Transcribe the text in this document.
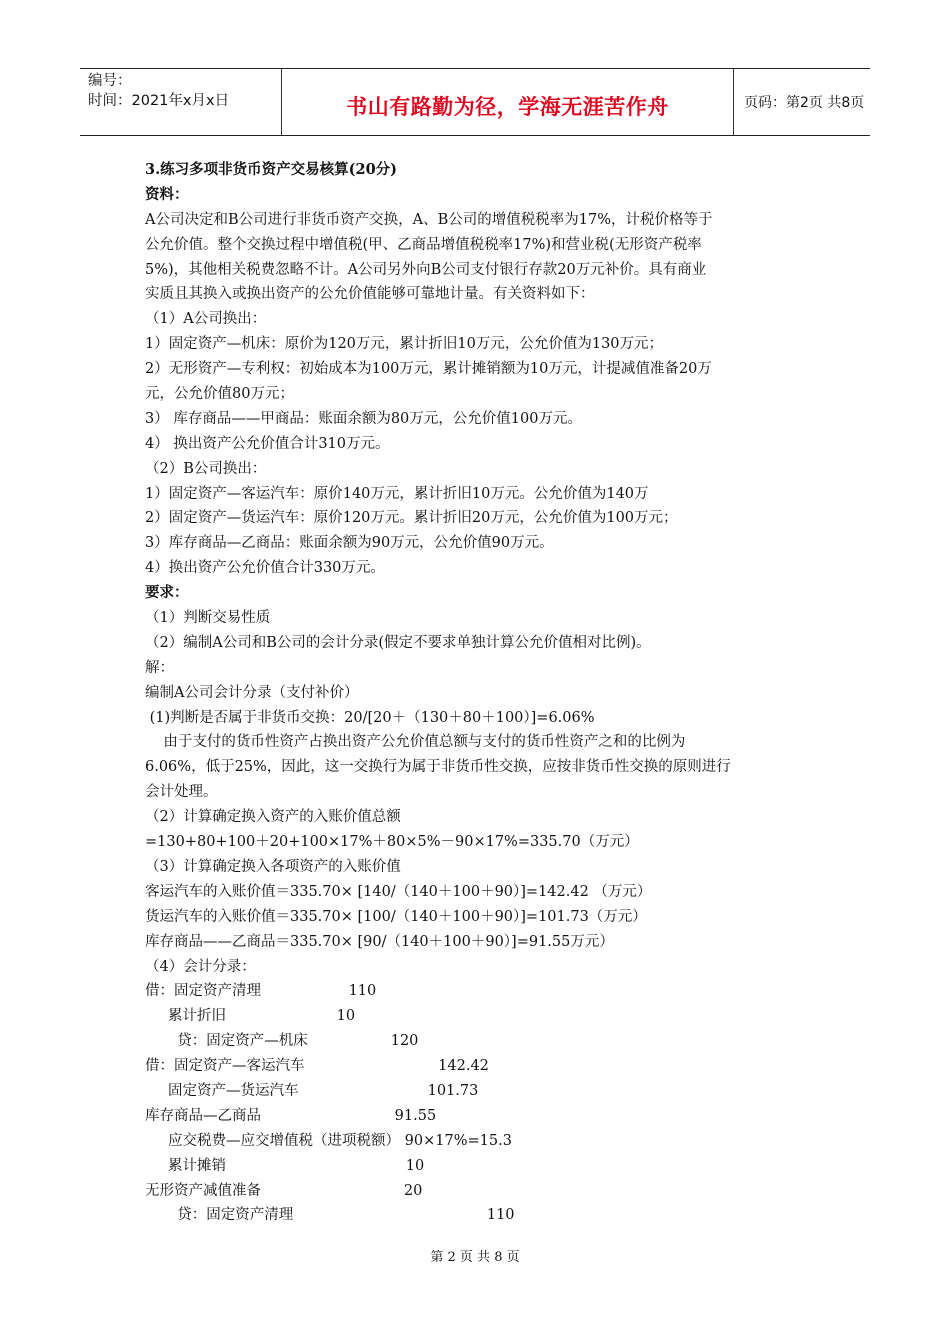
编号：
时间：2021年x月x日	书山有路勤为径，学海无涯苦作舟	页码：第2页 共8页
3.练习多项非货币资产交易核算(20分)
资料：
A公司决定和B公司进行非货币资产交换，A、B公司的增值税税率为17%，计税价格等于
公允价值。整个交换过程中增值税(甲、乙商品增值税税率17%)和营业税(无形资产税率
5%)，其他相关税费忽略不计。A公司另外向B公司支付银行存款20万元补价。具有商业
实质且其换入或换出资产的公允价值能够可靠地计量。有关资料如下：
（1）A公司换出：
1）固定资产—机床：原价为120万元，累计折旧10万元，公允价值为130万元；
2）无形资产—专利权：初始成本为100万元，累计摊销额为10万元，计提减值准备20万
元，公允价值80万元；
3） 库存商品——甲商品：账面余额为80万元，公允价值100万元。
4） 换出资产公允价值合计310万元。
（2）B公司换出：
1）固定资产—客运汽车：原价140万元，累计折旧10万元。公允价值为140万
2）固定资产—货运汽车：原价120万元。累计折旧20万元，公允价值为100万元；
3）库存商品—乙商品：账面余额为90万元，公允价值90万元。
4）换出资产公允价值合计330万元。
要求：
（1）判断交易性质
（2）编制A公司和B公司的会计分录(假定不要求单独计算公允价值相对比例)。
解：
编制A公司会计分录（支付补价）
(1)判断是否属于非货币交换：20/[20＋（130＋80＋100）]=6.06%
由于支付的货币性资产占换出资产公允价值总额与支付的货币性资产之和的比例为
6.06%，低于25%，因此，这一交换行为属于非货币性交换，应按非货币性交换的原则进行
会计处理。
（2）计算确定换入资产的入账价值总额
=130+80+100＋20+100×17%＋80×5%－90×17%=335.70（万元）
（3）计算确定换入各项资产的入账价值
客运汽车的入账价值＝335.70× [140/（140＋100＋90）]=142.42 （万元）
货运汽车的入账价值＝335.70× [100/（140＋100＋90）]=101.73（万元）
库存商品——乙商品＝335.70× [90/（140＋100＋90）]=91.55万元）
（4）会计分录：
借：固定资产清理                   110
累计折旧                        10
贷：固定资产—机床                  120
借：固定资产—客运汽车                             142.42
固定资产—货运汽车                            101.73
库存商品—乙商品                             91.55
应交税费—应交增值税（进项税额） 90×17%=15.3
累计摊销                                       10
无形资产减值准备                               20
贷：固定资产清理                                          110
第 2 页 共 8 页
